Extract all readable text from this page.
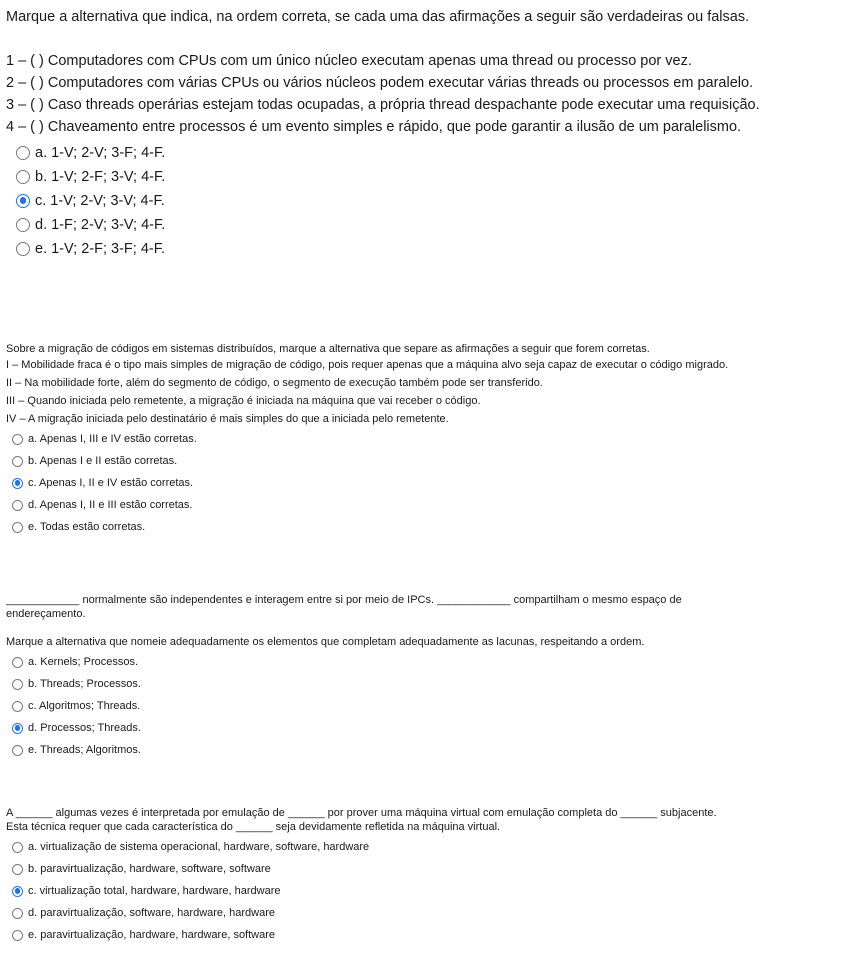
Marque a alternativa que indica, na ordem correta, se cada uma das afirmações a seguir são verdadeiras ou falsas.
1 – ( ) Computadores com CPUs com um único núcleo executam apenas uma thread ou processo por vez.
2 – ( ) Computadores com várias CPUs ou vários núcleos podem executar várias threads ou processos em paralelo.
3 – ( ) Caso threads operárias estejam todas ocupadas, a própria thread despachante pode executar uma requisição.
4 – ( ) Chaveamento entre processos é um evento simples e rápido, que pode garantir a ilusão de um paralelismo.
a. 1-V; 2-V; 3-F; 4-F.
b. 1-V; 2-F; 3-V; 4-F.
c. 1-V; 2-V; 3-V; 4-F.
d. 1-F; 2-V; 3-V; 4-F.
e. 1-V; 2-F; 3-F; 4-F.
Sobre a migração de códigos em sistemas distribuídos, marque a alternativa que separe as afirmações a seguir que forem corretas.
I – Mobilidade fraca é o tipo mais simples de migração de código, pois requer apenas que a máquina alvo seja capaz de executar o código migrado.
II – Na mobilidade forte, além do segmento de código, o segmento de execução também pode ser transferido.
III – Quando iniciada pelo remetente, a migração é iniciada na máquina que vai receber o código.
IV – A migração iniciada pelo destinatário é mais simples do que a iniciada pelo remetente.
a. Apenas I, III e IV estão corretas.
b. Apenas I e II estão corretas.
c. Apenas I, II e IV estão corretas.
d. Apenas I, II e III estão corretas.
e. Todas estão corretas.
____________ normalmente são independentes e interagem entre si por meio de IPCs. ____________ compartilham o mesmo espaço de
endereçamento.
Marque a alternativa que nomeie adequadamente os elementos que completam adequadamente as lacunas, respeitando a ordem.
a. Kernels; Processos.
b. Threads; Processos.
c. Algoritmos; Threads.
d. Processos; Threads.
e. Threads; Algoritmos.
A ______ algumas vezes é interpretada por emulação de ______ por prover uma máquina virtual com emulação completa do ______ subjacente.
Esta técnica requer que cada característica do ______ seja devidamente refletida na máquina virtual.
a. virtualização de sistema operacional, hardware, software, hardware
b. paravirtualização, hardware, software, software
c. virtualização total, hardware, hardware, hardware
d. paravirtualização, software, hardware, hardware
e. paravirtualização, hardware, hardware, software
